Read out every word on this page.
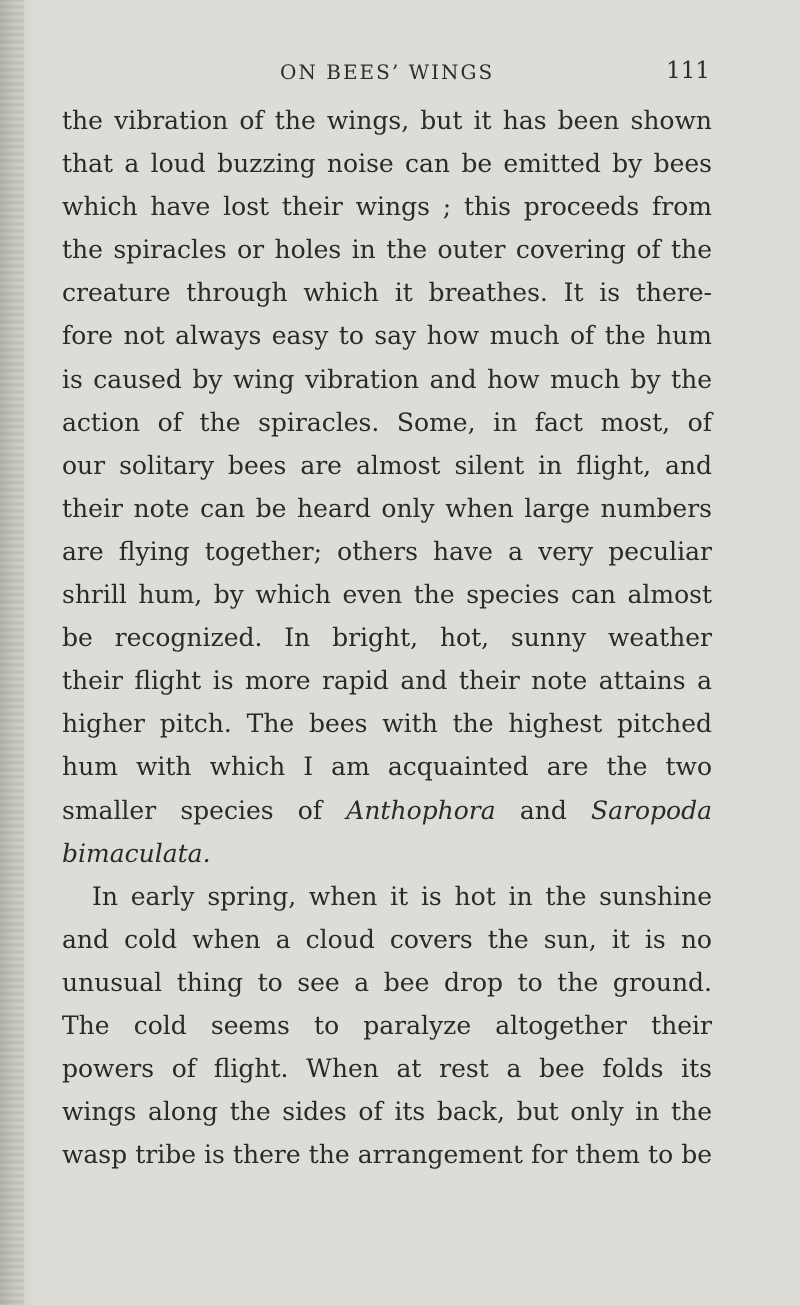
ON BEES’ WINGS	111
the vibration of the wings, but it has been shown
that a loud buzzing noise can be emitted by bees
which have lost their wings ; this proceeds from
the spiracles or holes in the outer covering of the
creature through which it breathes. It is there-
fore not always easy to say how much of the hum
is caused by wing vibration and how much by the
action of the spiracles. Some, in fact most, of
our solitary bees are almost silent in flight, and
their note can be heard only when large numbers
are flying together; others have a very peculiar
shrill hum, by which even the species can almost
be recognized. In bright, hot, sunny weather
their flight is more rapid and their note attains a
higher pitch. The bees with the highest pitched
hum with which I am acquainted are the two
smaller species of Anthophora and Saropoda
bimaculata.
In early spring, when it is hot in the sunshine
and cold when a cloud covers the sun, it is no
unusual thing to see a bee drop to the ground.
The cold seems to paralyze altogether their
powers of flight. When at rest a bee folds its
wings along the sides of its back, but only in the
wasp tribe is there the arrangement for them to be
